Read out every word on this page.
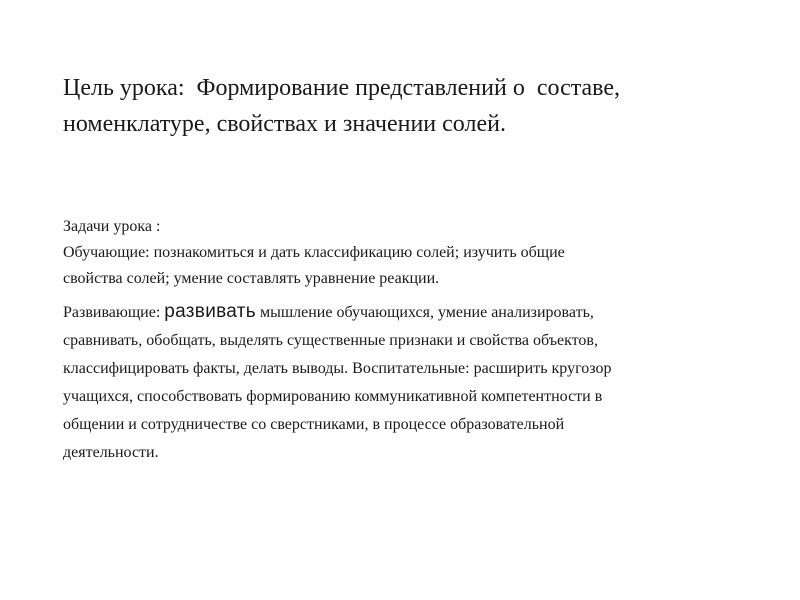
Цель урока:  Формирование представлений о  составе,
номенклатуре, свойствах и значении солей.

Задачи урока :

Обучающие: познакомиться и дать классификацию солей; изучить общие
свойства солей; умение составлять уравнение реакции.

Развивающие: развивать мышление обучающихся, умение анализировать,
сравнивать, обобщать, выделять существенные признаки и свойства объектов,
классифицировать факты, делать выводы. Воспитательные: расширить кругозор
учащихся, способствовать формированию коммуникативной компетентности в
общении и сотрудничестве со сверстниками, в процессе образовательной
деятельности.
